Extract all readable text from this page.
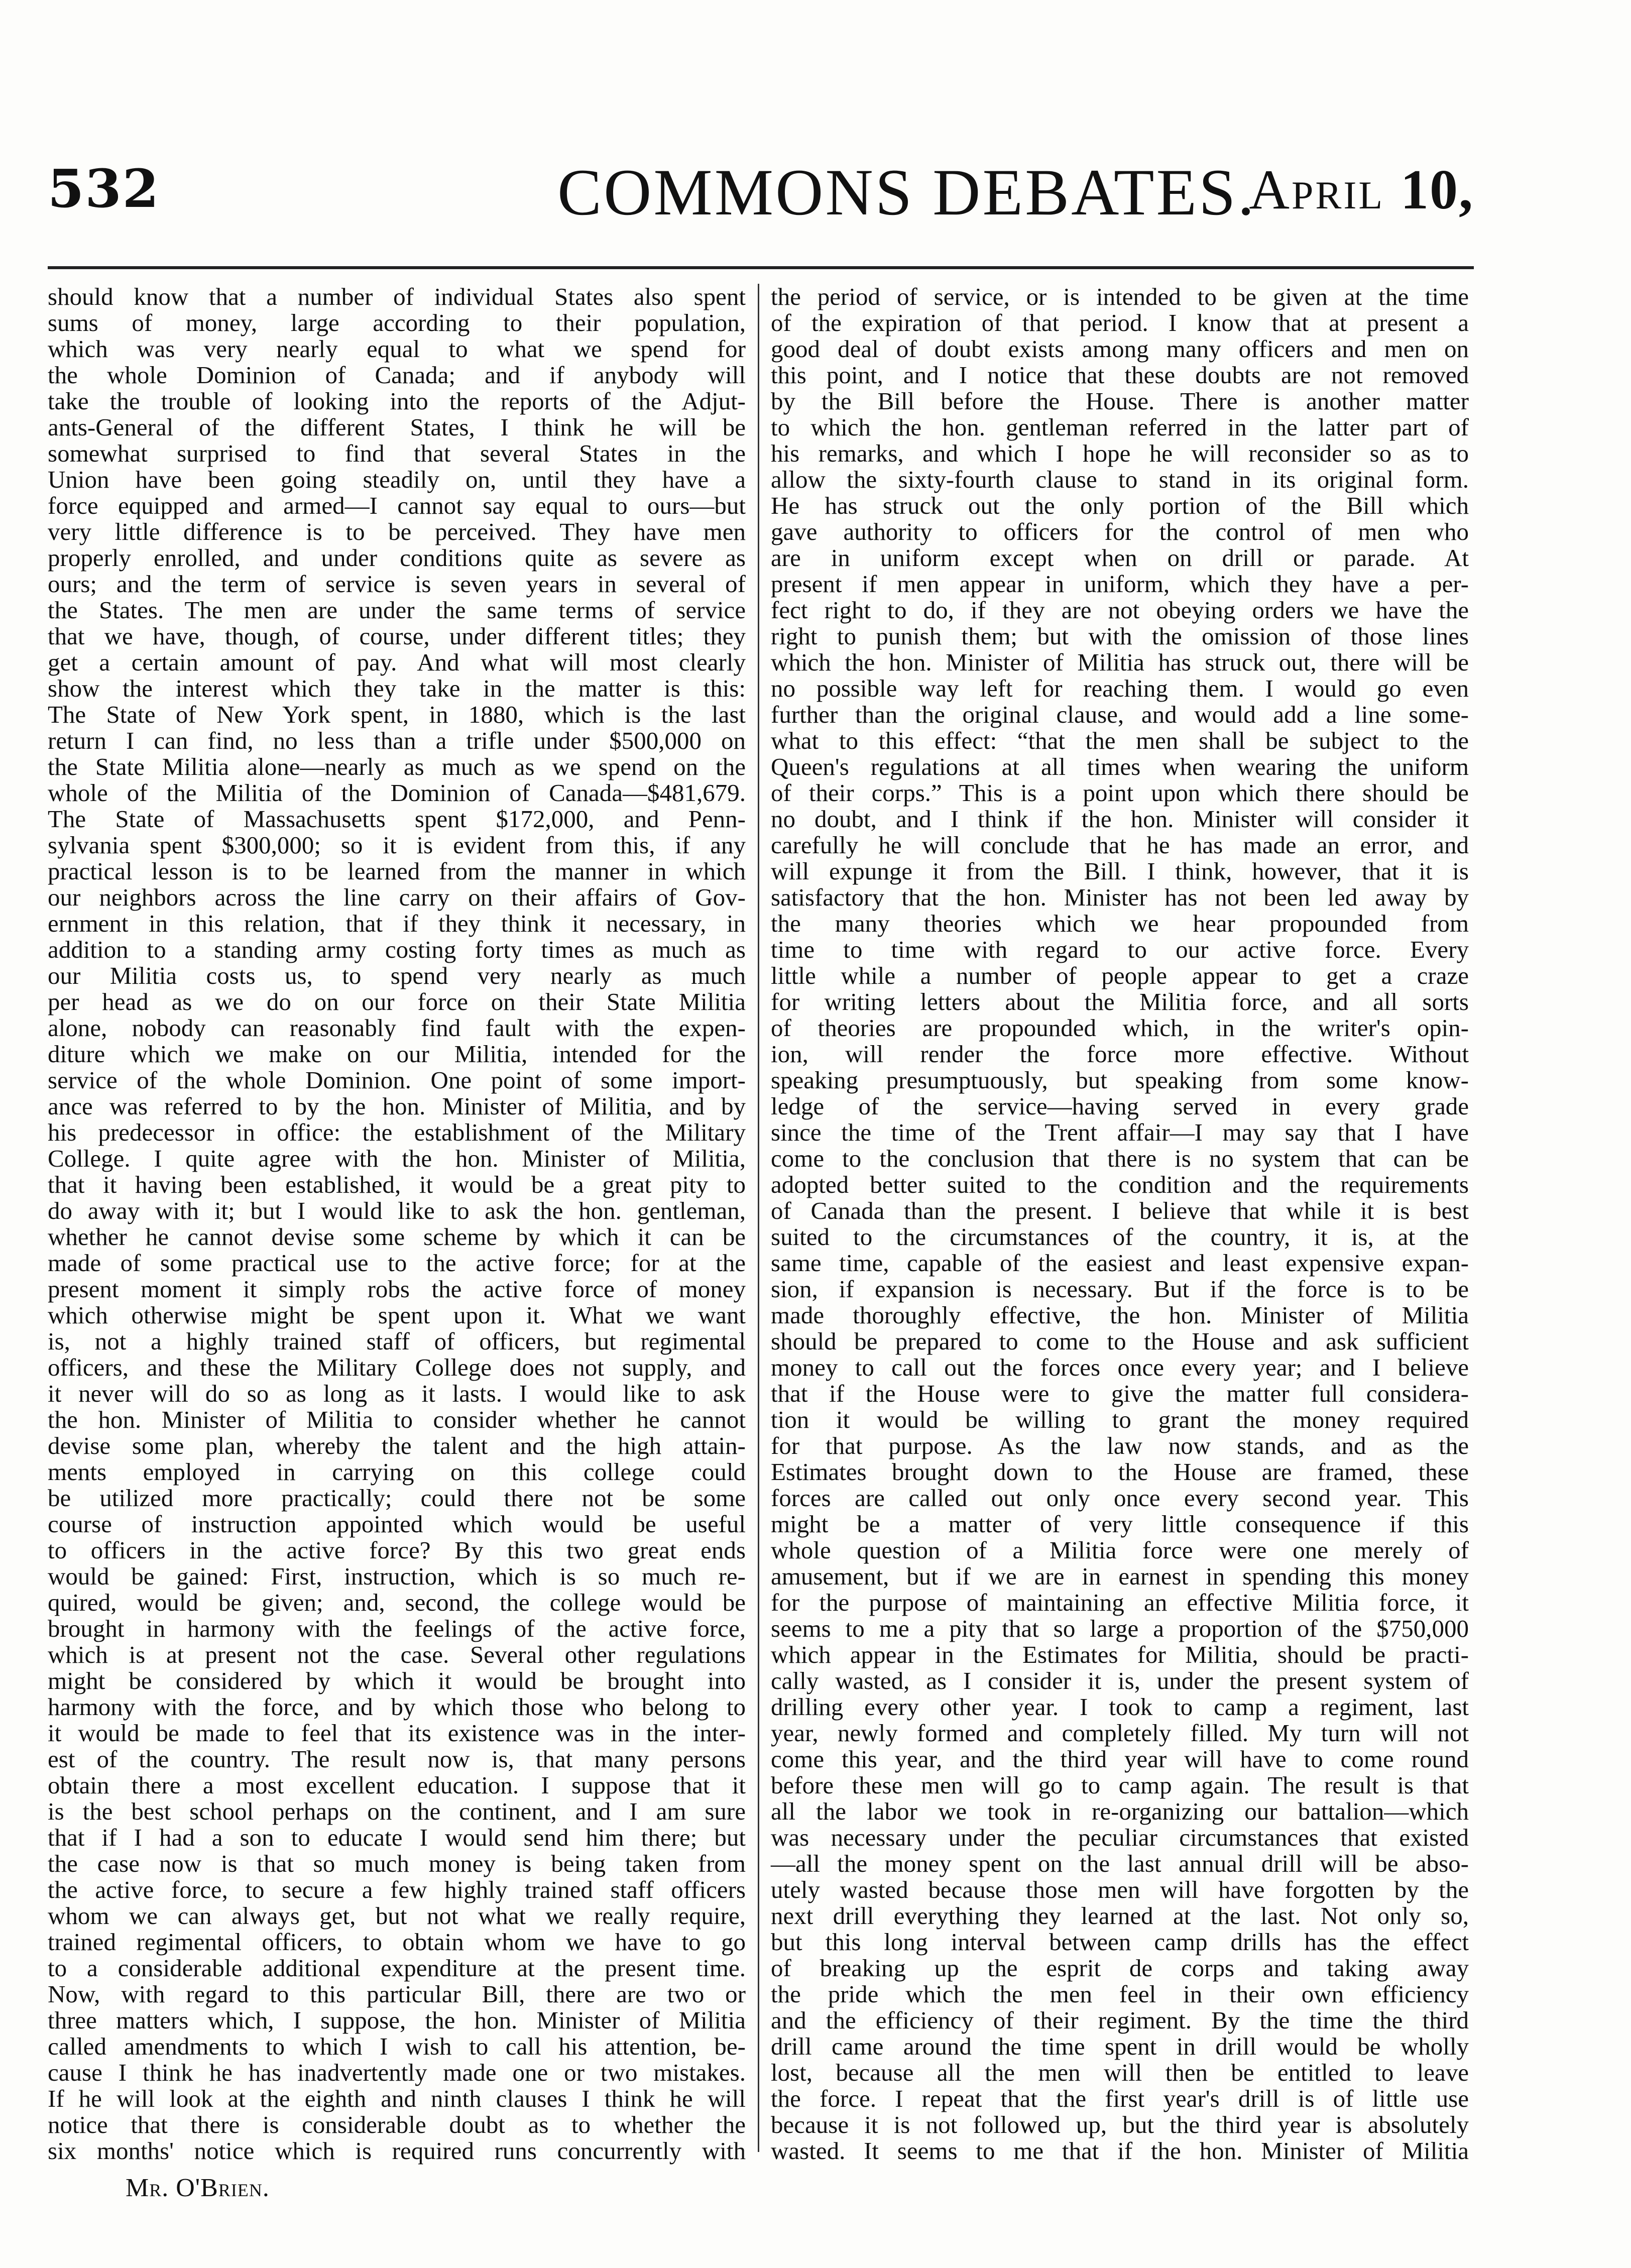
532	COMMONS DEBATES.
April 10,

should know that a number of individual States also spent

sums of money, large according to their population,

which was very nearly equal to what we spend for

the whole Dominion of Canada; and if anybody will

take the trouble of looking into the reports of the Adjut-

ants-General of the different States, I think he will be

somewhat surprised to find that several States in the

Union have been going steadily on, until they have a

force equipped and armed—I cannot say equal to ours—but

very little difference is to be perceived. They have men

properly enrolled, and under conditions quite as severe as

ours; and the term of service is seven years in several of

the States. The men are under the same terms of service

that we have, though, of course, under different titles; they

get a certain amount of pay. And what will most clearly

show the interest which they take in the matter is this:

The State of New York spent, in 1880, which is the last

return I can find, no less than a trifle under $500,000 on

the State Militia alone—nearly as much as we spend on the

whole of the Militia of the Dominion of Canada—$481,679.

The State of Massachusetts spent $172,000, and Penn-

sylvania spent $300,000; so it is evident from this, if any

practical lesson is to be learned from the manner in which

our neighbors across the line carry on their affairs of Gov-

ernment in this relation, that if they think it necessary, in

addition to a standing army costing forty times as much as

our Militia costs us, to spend very nearly as much

per head as we do on our force on their State Militia

alone, nobody can reasonably find fault with the expen-

diture which we make on our Militia, intended for the

service of the whole Dominion. One point of some import-

ance was referred to by the hon. Minister of Militia, and by

his predecessor in office: the establishment of the Military

College. I quite agree with the hon. Minister of Militia,

that it having been established, it would be a great pity to

do away with it; but I would like to ask the hon. gentleman,

whether he cannot devise some scheme by which it can be

made of some practical use to the active force; for at the

present moment it simply robs the active force of money

which otherwise might be spent upon it. What we want

is, not a highly trained staff of officers, but regimental

officers, and these the Military College does not supply, and

it never will do so as long as it lasts. I would like to ask

the hon. Minister of Militia to consider whether he cannot

devise some plan, whereby the talent and the high attain-

ments employed in carrying on this college could

be utilized more practically; could there not be some

course of instruction appointed which would be useful

to officers in the active force? By this two great ends

would be gained: First, instruction, which is so much re-

quired, would be given; and, second, the college would be

brought in harmony with the feelings of the active force,

which is at present not the case. Several other regulations

might be considered by which it would be brought into

harmony with the force, and by which those who belong to

it would be made to feel that its existence was in the inter-

est of the country. The result now is, that many persons

obtain there a most excellent education. I suppose that it

is the best school perhaps on the continent, and I am sure

that if I had a son to educate I would send him there; but

the case now is that so much money is being taken from

the active force, to secure a few highly trained staff officers

whom we can always get, but not what we really require,

trained regimental officers, to obtain whom we have to go

to a considerable additional expenditure at the present time.

Now, with regard to this particular Bill, there are two or

three matters which, I suppose, the hon. Minister of Militia

called amendments to which I wish to call his attention, be-

cause I think he has inadvertently made one or two mistakes.

If he will look at the eighth and ninth clauses I think he will

notice that there is considerable doubt as to whether the

six months' notice which is required runs concurrently with

the period of service, or is intended to be given at the time

of the expiration of that period. I know that at present a

good deal of doubt exists among many officers and men on

this point, and I notice that these doubts are not removed

by the Bill before the House. There is another matter

to which the hon. gentleman referred in the latter part of

his remarks, and which I hope he will reconsider so as to

allow the sixty-fourth clause to stand in its original form.

He has struck out the only portion of the Bill which

gave authority to officers for the control of men who

are in uniform except when on drill or parade. At

present if men appear in uniform, which they have a per-

fect right to do, if they are not obeying orders we have the

right to punish them; but with the omission of those lines

which the hon. Minister of Militia has struck out, there will be

no possible way left for reaching them. I would go even

further than the original clause, and would add a line some-

what to this effect: “that the men shall be subject to the

Queen's regulations at all times when wearing the uniform

of their corps.” This is a point upon which there should be

no doubt, and I think if the hon. Minister will consider it

carefully he will conclude that he has made an error, and

will expunge it from the Bill. I think, however, that it is

satisfactory that the hon. Minister has not been led away by

the many theories which we hear propounded from

time to time with regard to our active force. Every

little while a number of people appear to get a craze

for writing letters about the Militia force, and all sorts

of theories are propounded which, in the writer's opin-

ion, will render the force more effective. Without

speaking presumptuously, but speaking from some know-

ledge of the service—having served in every grade

since the time of the Trent affair—I may say that I have

come to the conclusion that there is no system that can be

adopted better suited to the condition and the requirements

of Canada than the present. I believe that while it is best

suited to the circumstances of the country, it is, at the

same time, capable of the easiest and least expensive expan-

sion, if expansion is necessary. But if the force is to be

made thoroughly effective, the hon. Minister of Militia

should be prepared to come to the House and ask sufficient

money to call out the forces once every year; and I believe

that if the House were to give the matter full considera-

tion it would be willing to grant the money required

for that purpose. As the law now stands, and as the

Estimates brought down to the House are framed, these

forces are called out only once every second year. This

might be a matter of very little consequence if this

whole question of a Militia force were one merely of

amusement, but if we are in earnest in spending this money

for the purpose of maintaining an effective Militia force, it

seems to me a pity that so large a proportion of the $750,000

which appear in the Estimates for Militia, should be practi-

cally wasted, as I consider it is, under the present system of

drilling every other year. I took to camp a regiment, last

year, newly formed and completely filled. My turn will not

come this year, and the third year will have to come round

before these men will go to camp again. The result is that

all the labor we took in re-organizing our battalion—which

was necessary under the peculiar circumstances that existed

—all the money spent on the last annual drill will be abso-

utely wasted because those men will have forgotten by the

next drill everything they learned at the last. Not only so,

but this long interval between camp drills has the effect

of breaking up the esprit de corps and taking away

the pride which the men feel in their own efficiency

and the efficiency of their regiment. By the time the third

drill came around the time spent in drill would be wholly

lost, because all the men will then be entitled to leave

the force. I repeat that the first year's drill is of little use

because it is not followed up, but the third year is absolutely

wasted. It seems to me that if the hon. Minister of Militia

Mr. O'Brien.
